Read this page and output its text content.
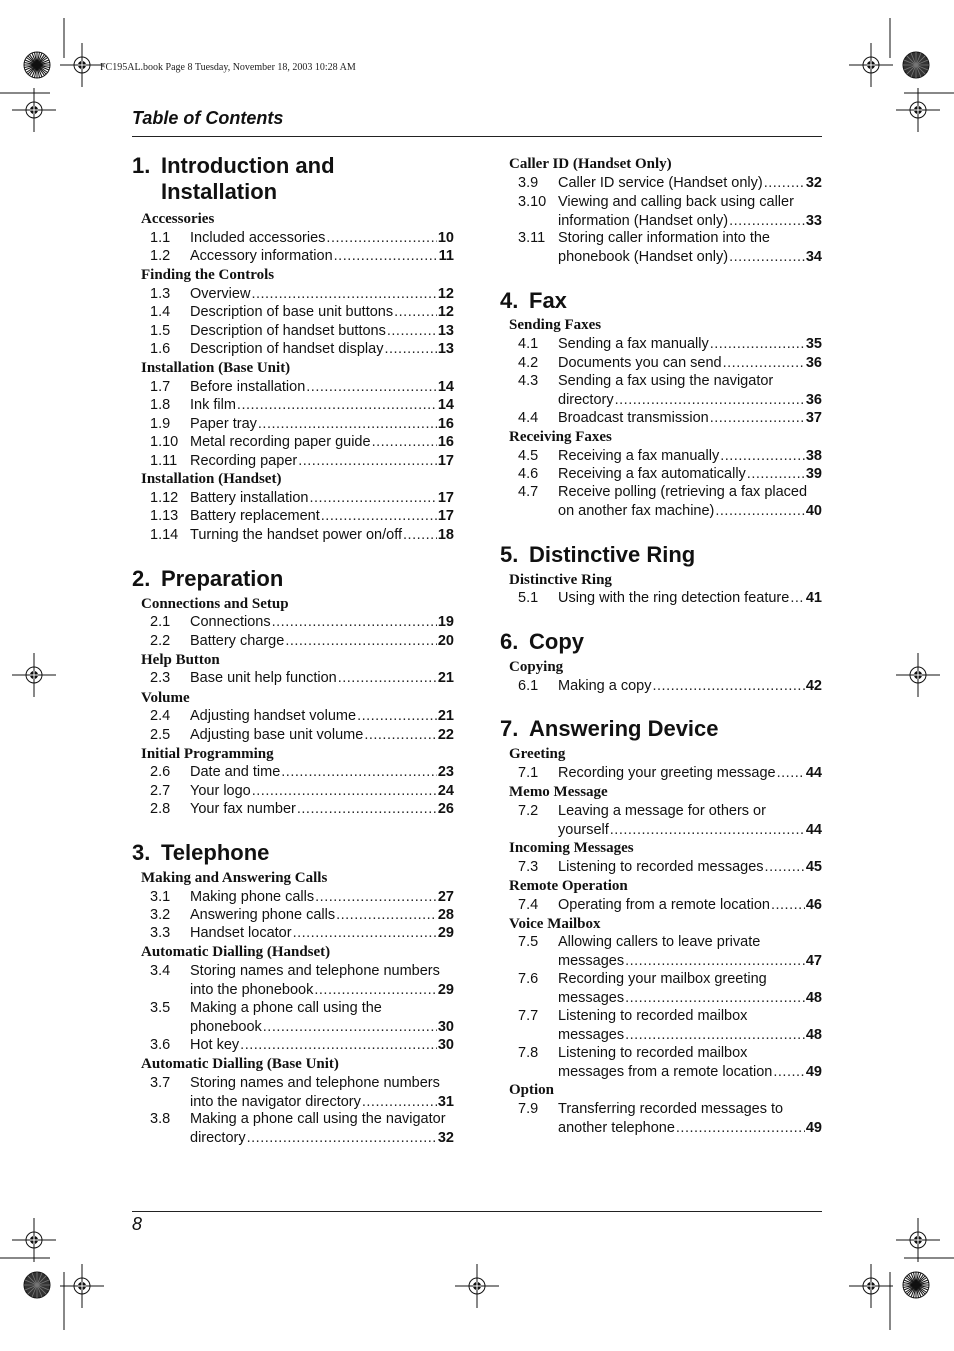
FC195AL.book Page 8 Tuesday, November 18, 2003 10:28 AM
Table of Contents
1. Introduction and
Installation
Accessories
1.1 Included accessories .....	10
1.2 Accessory information .....	11
Finding the Controls
1.3 Overview .....	12
1.4 Description of base unit buttons .....	12
1.5 Description of handset buttons .....	13
1.6 Description of handset display .....	13
Installation (Base Unit)
1.7 Before installation .....	14
1.8 Ink film .....	14
1.9 Paper tray .....	16
1.10 Metal recording paper guide .....	16
1.11 Recording paper .....	17
Installation (Handset)
1.12 Battery installation .....	17
1.13 Battery replacement .....	17
1.14 Turning the handset power on/off ..... 18
2. Preparation
Connections and Setup
2.1 Connections .....	19
2.2 Battery charge .....	20
Help Button
2.3 Base unit help function .....	21
Volume
2.4 Adjusting handset volume .....	21
2.5 Adjusting base unit volume .....	22
Initial Programming
2.6 Date and time .....	23
2.7 Your logo .....	24
2.8 Your fax number .....	26
3. Telephone
Making and Answering Calls
3.1 Making phone calls .....	27
3.2 Answering phone calls .....	28
3.3 Handset locator .....	29
Automatic Dialling (Handset)
3.4 Storing names and telephone numbers
into the phonebook .....	29
3.5 Making a phone call using the
phonebook .....	30
3.6 Hot key .....	30
Automatic Dialling (Base Unit)
3.7 Storing names and telephone numbers
into the navigator directory .....	31
3.8 Making a phone call using the navigator
directory .....	32
Caller ID (Handset Only)
3.9 Caller ID service (Handset only) .....	32
3.10 Viewing and calling back using caller
information (Handset only) .....	33
3.11 Storing caller information into the
phonebook (Handset only) .....	34
4. Fax
Sending Faxes
4.1 Sending a fax manually .....	35
4.2 Documents you can send .....	36
4.3 Sending a fax using the navigator
directory .....	36
4.4 Broadcast transmission .....	37
Receiving Faxes
4.5 Receiving a fax manually .....	38
4.6 Receiving a fax automatically .....	39
4.7 Receive polling (retrieving a fax placed
on another fax machine) .....	40
5. Distinctive Ring
Distinctive Ring
5.1 Using with the ring detection feature ..... 41
6. Copy
Copying
6.1 Making a copy .....	42
7. Answering Device
Greeting
7.1 Recording your greeting message ..... 44
Memo Message
7.2 Leaving a message for others or
yourself .....	44
Incoming Messages
7.3 Listening to recorded messages .....	45
Remote Operation
7.4 Operating from a remote location ..... 46
Voice Mailbox
7.5 Allowing callers to leave private
messages .....	47
7.6 Recording your mailbox greeting
messages .....	48
7.7 Listening to recorded mailbox
messages .....	48
7.8 Listening to recorded mailbox
messages from a remote location ..... 49
Option
7.9 Transferring recorded messages to
another telephone .....	49
8
